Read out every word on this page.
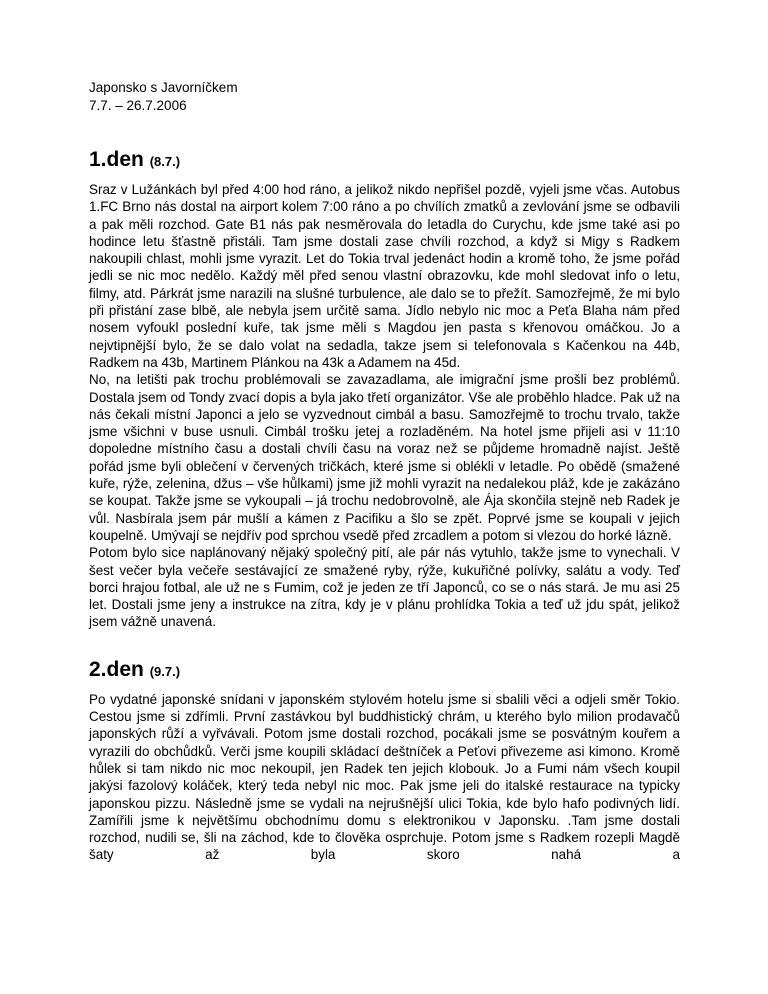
Japonsko s Javorníčkem

7.7. – 26.7.2006

1.den (8.7.)

Sraz v Lužánkách byl před 4:00 hod ráno, a jelikož nikdo nepřišel pozdě, vyjeli jsme včas. Autobus 1.FC Brno nás dostal na airport kolem 7:00 ráno a po chvílích zmatků a zevlování jsme se odbavili a pak měli rozchod. Gate B1 nás pak nesměrovala do letadla do Curychu, kde jsme také asi po hodince letu šťastně přistáli. Tam jsme dostali zase chvíli rozchod, a když si Migy s Radkem nakoupili chlast, mohli jsme vyrazit. Let do Tokia trval jedenáct hodin a kromě toho, že jsme pořád jedli se nic moc nedělo. Každý měl před senou vlastní obrazovku, kde mohl sledovat info o letu, filmy, atd. Párkrát jsme narazili na slušné turbulence, ale dalo se to přežít. Samozřejmě, že mi bylo při přistání zase blbě, ale nebyla jsem určitě sama. Jídlo nebylo nic moc a Peťa Blaha nám před nosem vyfoukl poslední kuře, tak jsme měli s Magdou jen pasta s křenovou omáčkou. Jo a nejvtipnější bylo, že se dalo volat na sedadla, takze jsem si telefonovala s Kačenkou na 44b, Radkem na 43b, Martinem Plánkou na 43k a Adamem na 45d.

No, na letišti pak trochu problémovali se zavazadlama, ale imigrační jsme prošli bez problémů. Dostala jsem od Tondy zvací dopis a byla jako třetí organizátor. Vše ale proběhlo hladce. Pak už na nás čekali místní Japonci a jelo se vyzvednout cimbál a basu. Samozřejmě to trochu trvalo, takže jsme všichni v buse usnuli. Cimbál trošku jetej a rozladěném. Na hotel jsme přijeli asi v 11:10 dopoledne místního času a dostali chvíli času na voraz než se půjdeme hromadně najíst. Ještě pořád jsme byli oblečení v červených tričkách, které jsme si oblékli v letadle. Po obědě (smažené kuře, rýže, zelenina, džus – vše hůlkami) jsme již mohli vyrazit na nedalekou pláž, kde je zakázáno se koupat. Takže jsme se vykoupali – já trochu nedobrovolně, ale Ája skončila stejně neb Radek je vůl. Nasbírala jsem pár mušlí a kámen z Pacifiku a šlo se zpět. Poprvé jsme se koupali v jejich koupelně. Umývají se nejdřív pod sprchou vsedě před zrcadlem a potom si vlezou do horké lázně.

Potom bylo sice naplánovaný nějaký společný pití, ale pár nás vytuhlo, takže jsme to vynechali. V šest večer byla večeře sestávající ze smažené ryby, rýže, kukuřičné polívky, salátu a vody. Teď borci hrajou fotbal, ale už ne s Fumim, což je jeden ze tří Japonců, co se o nás stará. Je mu asi 25 let. Dostali jsme jeny a instrukce na zítra, kdy je v plánu prohlídka Tokia a teď už jdu spát, jelikož jsem vážně unavená.

2.den (9.7.)

Po vydatné japonské snídani v japonském stylovém hotelu jsme si sbalili věci a odjeli směr Tokio. Cestou jsme si zdřímli. První zastávkou byl buddhistický chrám, u kterého bylo milion prodavačů japonských růží a vyřvávali. Potom jsme dostali rozchod, pocákali jsme se posvátným kouřem a vyrazili do obchůdků. Verči jsme koupili skládací deštníček a Peťovi přivezeme asi kimono. Kromě hůlek si tam nikdo nic moc nekoupil, jen Radek ten jejich klobouk. Jo a Fumi nám všech koupil jakýsi fazolový koláček, který teda nebyl nic moc. Pak jsme jeli do italské restaurace na typicky japonskou pizzu. Následně jsme se vydali na nejrušnější ulici Tokia, kde bylo hafo podivných lidí. Zamířili jsme k největšímu obchodnímu domu s elektronikou v Japonsku. .Tam jsme dostali rozchod, nudili se, šli na záchod, kde to člověka osprchuje. Potom jsme s Radkem rozepli Magdě šaty až byla skoro nahá a
